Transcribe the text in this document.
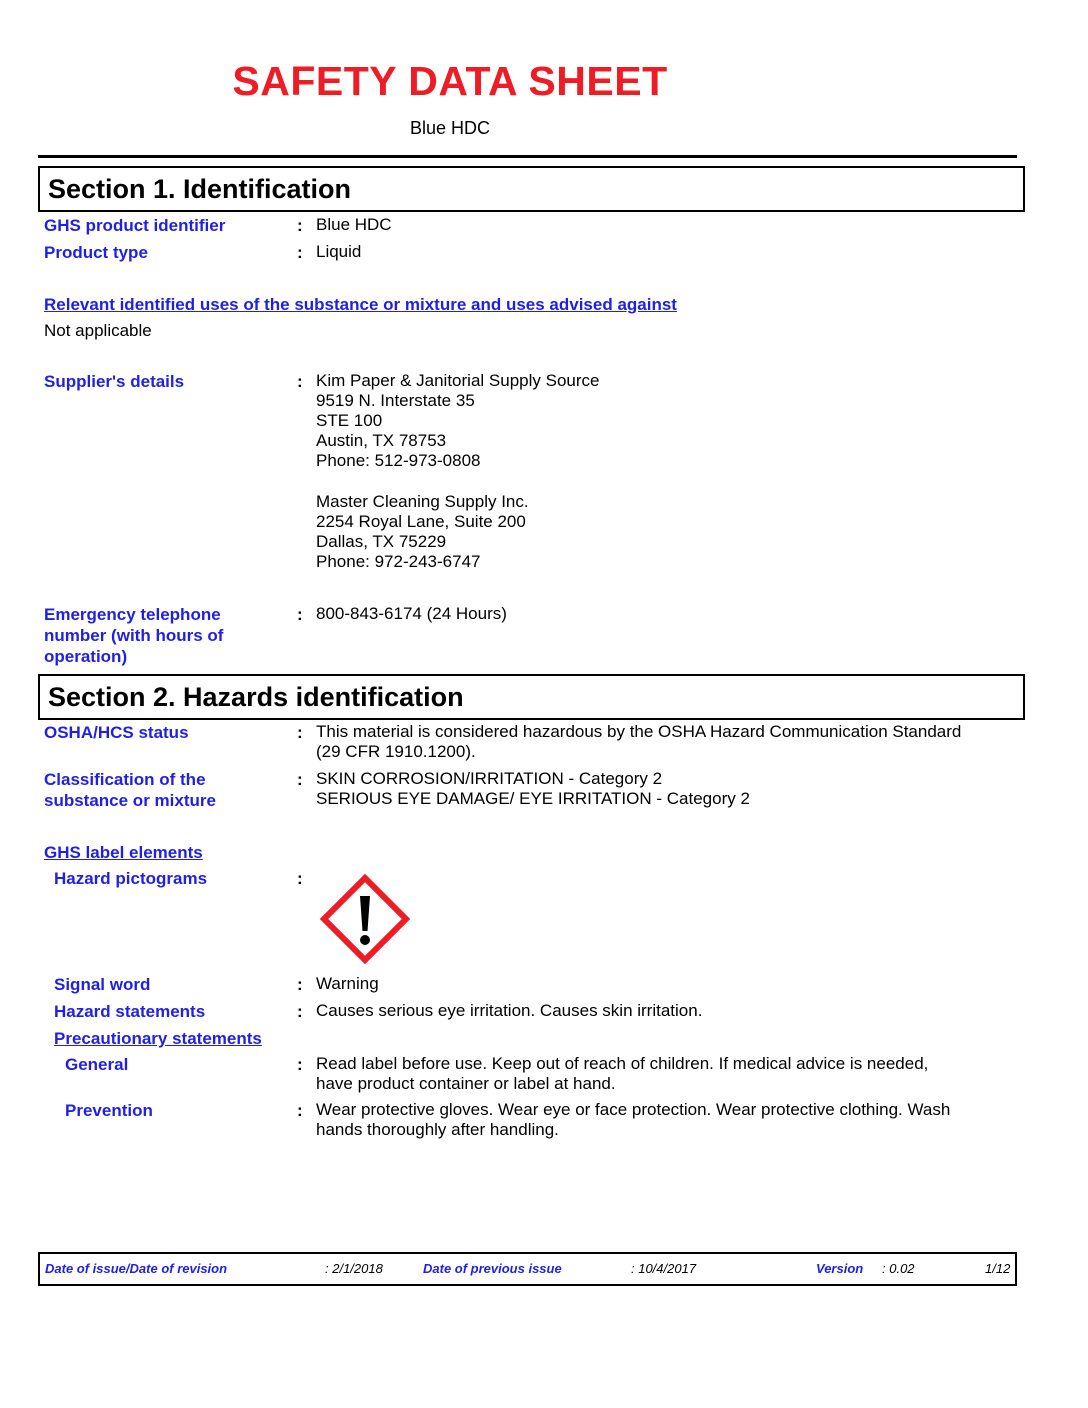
SAFETY DATA SHEET
Blue HDC
Section 1. Identification
GHS product identifier	: Blue HDC
Product type	: Liquid
Relevant identified uses of the substance or mixture and uses advised against
Not applicable
Supplier's details	: Kim Paper & Janitorial Supply Source
9519 N. Interstate 35
STE 100
Austin, TX 78753
Phone: 512-973-0808
Master Cleaning Supply Inc.
2254 Royal Lane, Suite 200
Dallas, TX 75229
Phone: 972-243-6747
Emergency telephone
number (with hours of
operation)
: 800-843-6174 (24 Hours)
Section 2. Hazards identification
OSHA/HCS status	: This material is considered hazardous by the OSHA Hazard Communication Standard
(29 CFR 1910.1200).
Classification of the
substance or mixture
: SKIN CORROSION/IRRITATION - Category 2
SERIOUS EYE DAMAGE/ EYE IRRITATION - Category 2
GHS label elements
Hazard pictograms	:
Signal word	: Warning
Hazard statements	: Causes serious eye irritation. Causes skin irritation.
Precautionary statements
General	: Read label before use. Keep out of reach of children. If medical advice is needed,
have product container or label at hand.
Prevention	: Wear protective gloves. Wear eye or face protection. Wear protective clothing. Wash
hands thoroughly after handling.
Date of issue/Date of revision	: 2/1/2018	Date of previous issue	: 10/4/2017	Version : 0.02	1/12
